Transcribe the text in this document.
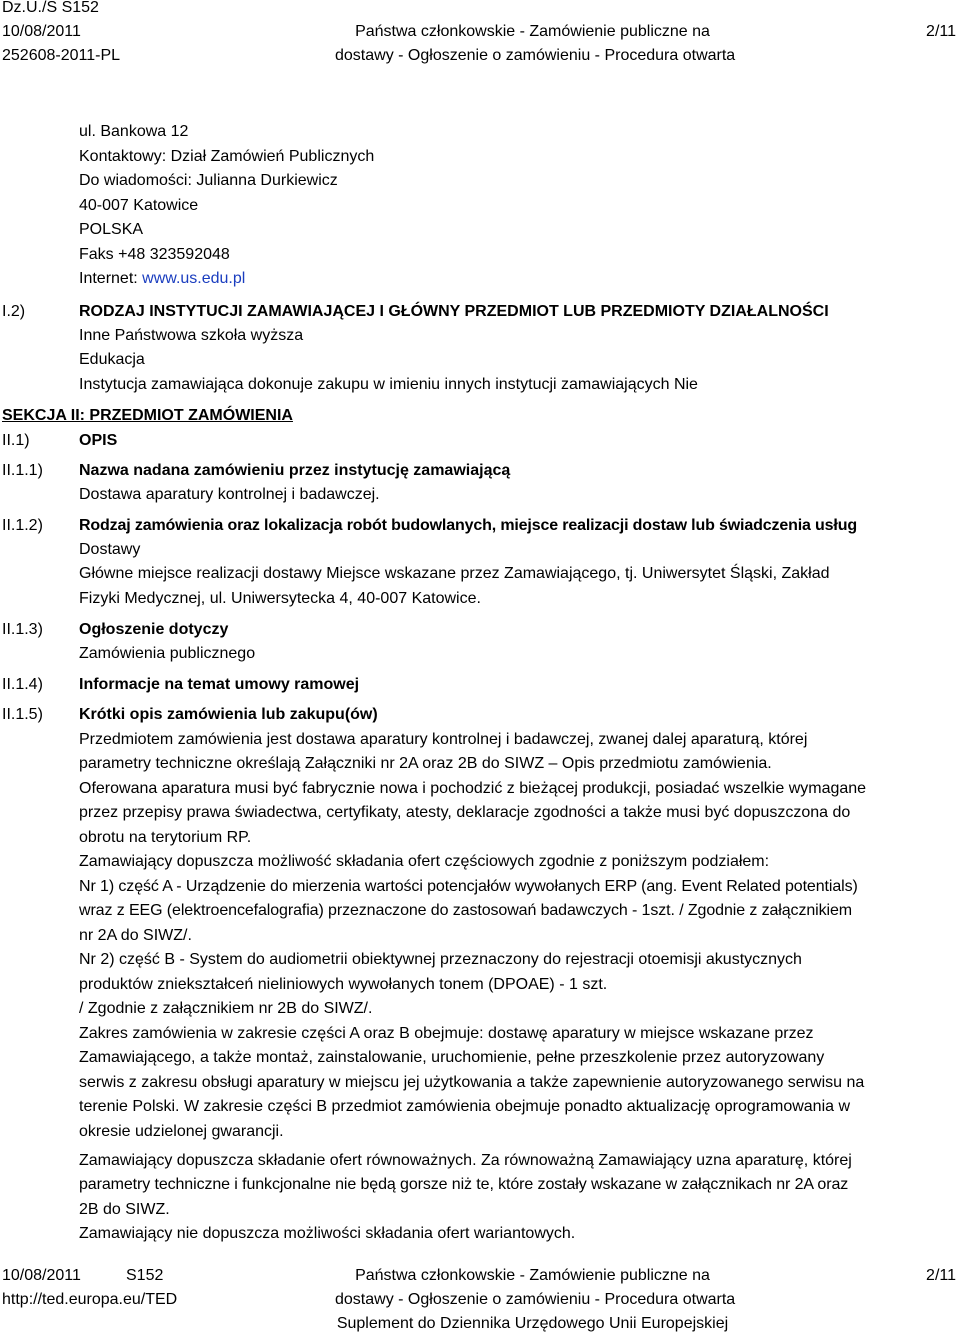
Dz.U./S S152
10/08/2011
252608-2011-PL
Państwa członkowskie - Zamówienie publiczne na
dostawy - Ogłoszenie o zamówieniu - Procedura otwarta
2/11
ul. Bankowa 12
Kontaktowy: Dział Zamówień Publicznych
Do wiadomości: Julianna Durkiewicz
40-007 Katowice
POLSKA
Faks +48 323592048
Internet: www.us.edu.pl
I.2)	RODZAJ INSTYTUCJI ZAMAWIAJĄCEJ I GŁÓWNY PRZEDMIOT LUB PRZEDMIOTY DZIAŁALNOŚCI
Inne Państwowa szkoła wyższa
Edukacja
Instytucja zamawiająca dokonuje zakupu w imieniu innych instytucji zamawiających Nie
SEKCJA II: PRZEDMIOT ZAMÓWIENIA
II.1)	OPIS
II.1.1) Nazwa nadana zamówieniu przez instytucję zamawiającą
Dostawa aparatury kontrolnej i badawczej.
II.1.2) Rodzaj zamówienia oraz lokalizacja robót budowlanych, miejsce realizacji dostaw lub świadczenia usług
Dostawy
Główne miejsce realizacji dostawy Miejsce wskazane przez Zamawiającego, tj. Uniwersytet Śląski, Zakład
Fizyki Medycznej, ul. Uniwersytecka 4, 40-007 Katowice.
II.1.3) Ogłoszenie dotyczy
Zamówienia publicznego
II.1.4) Informacje na temat umowy ramowej
II.1.5) Krótki opis zamówienia lub zakupu(ów)
Przedmiotem zamówienia jest dostawa aparatury kontrolnej i badawczej, zwanej dalej aparaturą, której
parametry techniczne określają Załączniki nr 2A oraz 2B do SIWZ – Opis przedmiotu zamówienia.
Oferowana aparatura musi być fabrycznie nowa i pochodzić z bieżącej produkcji, posiadać wszelkie wymagane
przez przepisy prawa świadectwa, certyfikaty, atesty, deklaracje zgodności a także musi być dopuszczona do
obrotu na terytorium RP.
Zamawiający dopuszcza możliwość składania ofert częściowych zgodnie z poniższym podziałem:
Nr 1) część A - Urządzenie do mierzenia wartości potencjałów wywołanych ERP (ang. Event Related potentials)
wraz z EEG (elektroencefalografia) przeznaczone do zastosowań badawczych - 1szt. / Zgodnie z załącznikiem
nr 2A do SIWZ/.
Nr 2) część B - System do audiometrii obiektywnej przeznaczony do rejestracji otoemisji akustycznych
produktów zniekształceń nieliniowych wywołanych tonem (DPOAE) - 1 szt.
/ Zgodnie z załącznikiem nr 2B do SIWZ/.
Zakres zamówienia w zakresie części A oraz B obejmuje: dostawę aparatury w miejsce wskazane przez
Zamawiającego, a także montaż, zainstalowanie, uruchomienie, pełne przeszkolenie przez autoryzowany
serwis z zakresu obsługi aparatury w miejscu jej użytkowania a także zapewnienie autoryzowanego serwisu na
terenie Polski. W zakresie części B przedmiot zamówienia obejmuje ponadto aktualizację oprogramowania w
okresie udzielonej gwarancji.
Zamawiający dopuszcza składanie ofert równoważnych. Za równoważną Zamawiający uzna aparaturę, której
parametry techniczne i funkcjonalne nie będą gorsze niż te, które zostały wskazane w załącznikach nr 2A oraz
2B do SIWZ.
Zamawiający nie dopuszcza możliwości składania ofert wariantowych.
10/08/2011	S152
http://ted.europa.eu/TED
Państwa członkowskie - Zamówienie publiczne na
dostawy - Ogłoszenie o zamówieniu - Procedura otwarta
Suplement do Dziennika Urzędowego Unii Europejskiej
2/11
